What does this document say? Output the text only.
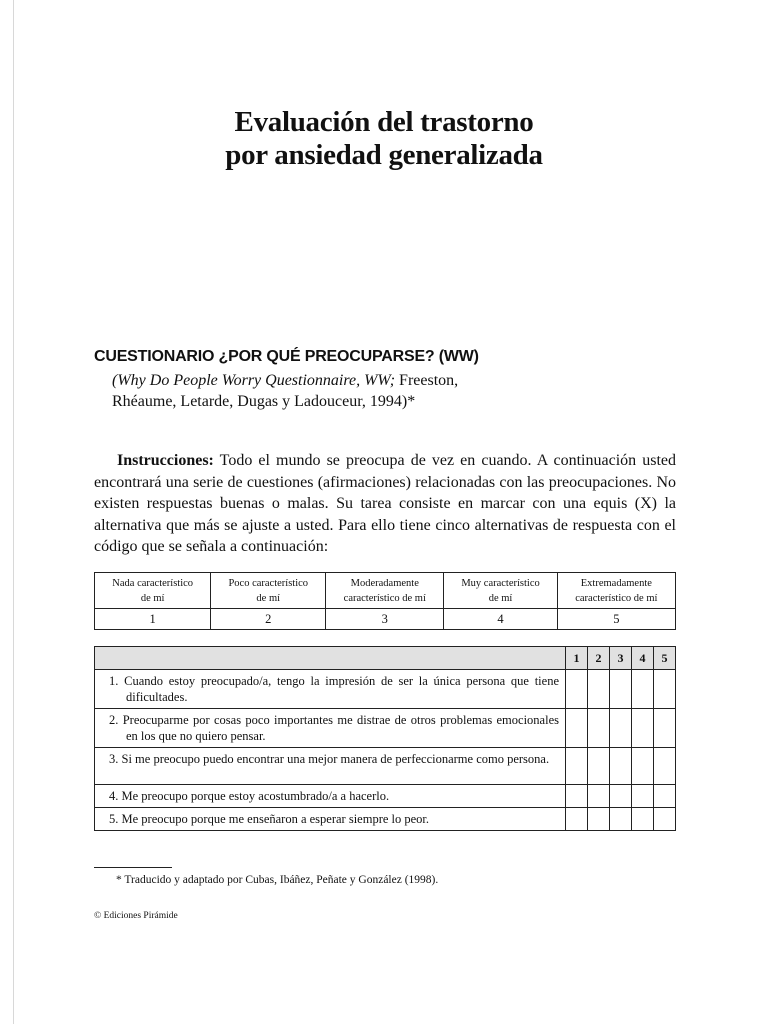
Evaluación del trastorno
por ansiedad generalizada
CUESTIONARIO ¿POR QUÉ PREOCUPARSE? (WW)
(Why Do People Worry Questionnaire, WW; Freeston,
Rhéaume, Letarde, Dugas y Ladouceur, 1994)*

Instrucciones: Todo el mundo se preocupa de vez en cuando. A continuación usted encontrará una serie de cuestiones (afirmaciones) relacionadas con las preocupaciones. No existen respuestas buenas o malas. Su tarea consiste en marcar con una equis (X) la alternativa que más se ajuste a usted. Para ello tiene cinco alternativas de respuesta con el código que se señala a continuación:

Nada característico
de mí	Poco característico
de mí	Moderadamente
característico de mí	Muy característico
de mí	Extremadamente
característico de mí
1	2	3	4	5
	1	2	3	4	5
1. Cuando estoy preocupado/a, tengo la impresión de ser la única persona que tiene dificultades.					
2. Preocuparme por cosas poco importantes me distrae de otros problemas emocionales en los que no quiero pensar.					
3. Si me preocupo puedo encontrar una mejor manera de perfeccionarme como persona.					
4. Me preocupo porque estoy acostumbrado/a a hacerlo.					
5. Me preocupo porque me enseñaron a esperar siempre lo peor.					
* Traducido y adaptado por Cubas, Ibáñez, Peñate y González (1998).
© Ediciones Pirámide
